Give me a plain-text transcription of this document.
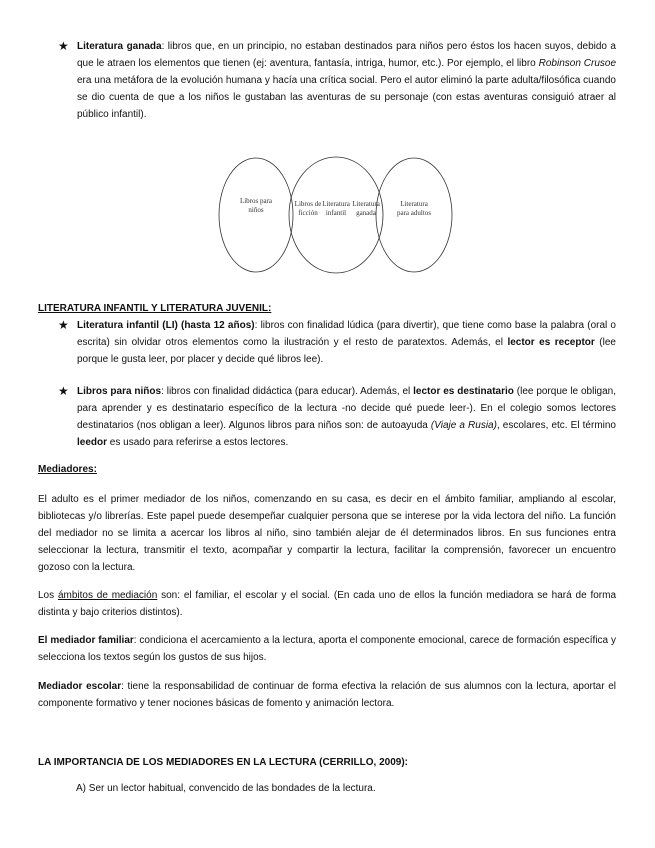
★ Literatura ganada: libros que, en un principio, no estaban destinados para niños pero éstos los hacen suyos, debido a que le atraen los elementos que tienen (ej: aventura, fantasía, intriga, humor, etc.). Por ejemplo, el libro Robinson Crusoe era una metáfora de la evolución humana y hacía una crítica social. Pero el autor eliminó la parte adulta/filosófica cuando se dio cuenta de que a los niños le gustaban las aventuras de su personaje (con estas aventuras consiguió atraer al público infantil).
Libros para
niños
Libros de
ficción
Literatura
infantil
Literatura
ganada
Literatura
para adultos
LITERATURA INFANTIL Y LITERATURA JUVENIL:
★ Literatura infantil (LI) (hasta 12 años): libros con finalidad lúdica (para divertir), que tiene como base la palabra (oral o escrita) sin olvidar otros elementos como la ilustración y el resto de paratextos. Además, el lector es receptor (lee porque le gusta leer, por placer y decide qué libros lee).
★ Libros para niños: libros con finalidad didáctica (para educar). Además, el lector es destinatario (lee porque le obligan, para aprender y es destinatario específico de la lectura -no decide qué puede leer-). En el colegio somos lectores destinatarios (nos obligan a leer). Algunos libros para niños son: de autoayuda (Viaje a Rusia), escolares, etc. El término leedor es usado para referirse a estos lectores.
Mediadores:
El adulto es el primer mediador de los niños, comenzando en su casa, es decir en el ámbito familiar, ampliando al escolar, bibliotecas y/o librerías. Este papel puede desempeñar cualquier persona que se interese por la vida lectora del niño. La función del mediador no se limita a acercar los libros al niño, sino también alejar de él determinados libros. En sus funciones entra seleccionar la lectura, transmitir el texto, acompañar y compartir la lectura, facilitar la comprensión, favorecer un encuentro gozoso con la lectura.
Los ámbitos de mediación son: el familiar, el escolar y el social. (En cada uno de ellos la función mediadora se hará de forma distinta y bajo criterios distintos).
El mediador familiar: condiciona el acercamiento a la lectura, aporta el componente emocional, carece de formación específica y selecciona los textos según los gustos de sus hijos.
Mediador escolar: tiene la responsabilidad de continuar de forma efectiva la relación de sus alumnos con la lectura, aportar el componente formativo y tener nociones básicas de fomento y animación lectora.
LA IMPORTANCIA DE LOS MEDIADORES EN LA LECTURA (CERRILLO, 2009):
A) Ser un lector habitual, convencido de las bondades de la lectura.
